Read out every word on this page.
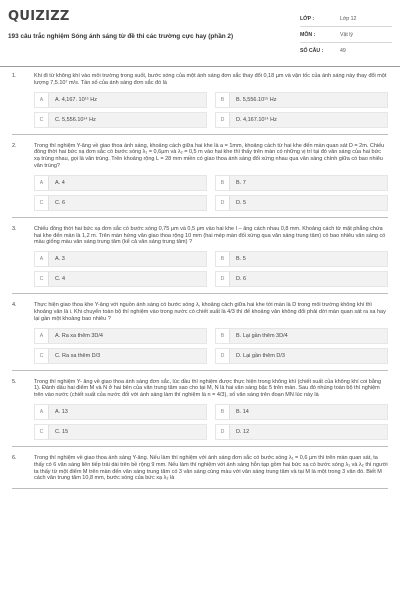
QUIZIZZ
193 câu trắc nghiệm Sóng ánh sáng từ đề thi các trường cực hay (phần 2)
LỚP :	Lớp 12
MÔN :	Vật lý
SỐ CÂU :	49
1.	Khi đi từ không khí vào môi trường trong suốt, bước sóng của một ánh sáng đơn sắc thay đổi 0,18 μm và vận tốc của ánh sáng này thay đổi một lượng 7,5.10⁷ m/s. Tần số của ánh sáng đơn sắc đó là
A	A. 4,167. 10¹⁵ Hz	B	B. 5,556.10¹⁵ Hz
C	C. 5,556.10¹⁴ Hz	D	D. 4,167.10¹⁴ Hz
2.	Trong thí nghiệm Y-âng về giao thoa ánh sáng, khoảng cách giữa hai khe là a = 1mm, khoảng cách từ hai khe đến màn quan sát D = 2m. Chiếu đồng thời hai bức xạ đơn sắc có bước sóng λ₁ = 0,6μm và λ₂ = 0,5 m vào hai khe thì thấy trên màn có những vị trí tại đó vân sáng của hai bức xạ trùng nhau, gọi là vân trùng. Trên khoảng rộng L = 28 mm miền có giao thoa ánh sáng đối xứng nhau qua vân sáng chính giữa có bao nhiêu vân trùng?
A	A. 4	B	B. 7
C	C. 6	D	D. 5
3.	Chiếu đồng thời hai bức xạ đơn sắc có bước sóng 0,75 μm và 0,5 μm vào hai khe I – âng cách nhau 0,8 mm. Khoảng cách từ mặt phẳng chứa hai khe đến màn là 1,2 m. Trên màn hứng vân giao thoa rộng 10 mm (hai mép màn đối xứng qua vân sáng trung tâm) có bao nhiêu vân sáng có màu giống màu vân sáng trung tâm (kể cả vân sáng trung tâm) ?
A	A. 3	B	B. 5
C	C. 4	D	D. 6
4.	Thực hiện giao thoa khe Y-âng với nguồn ánh sáng có bước sóng λ, khoảng cách giữa hai khe tới màn là D trong môi trường không khí thì khoảng vân là i. Khi chuyển toàn bộ thí nghiệm vào trong nước có chiết suất là 4/3 thì để khoảng vân không đổi phải dời màn quan sát ra xa hay lại gần một khoảng bao nhiêu ?
A	A. Ra xa thêm 3D/4	B	B. Lại gần thêm 3D/4
C	C. Ra xa thêm D/3	D	D. Lại gần thêm D/3
5.	Trong thí nghiệm Y- âng về giao thoa ánh sáng đơn sắc, lúc đầu thí nghiệm được thực hiện trong không khí (chiết suất của không khí coi bằng 1). Đánh dấu hai điểm M và N ở hai bên của vân trung tâm sao cho tại M, N là hai vân sáng bậc 5 trên màn. Sau đó nhúng toàn bộ thí nghiệm trên vào nước (chiết suất của nước đối với ánh sáng làm thí nghiệm là n = 4/3), số vân sáng trên đoạn MN lúc này là
A	A. 13	B	B. 14
C	C. 15	D	D. 12
6.	Trong thí nghiệm về giao thoa ánh sáng Y-âng. Nếu làm thí nghiệm với ánh sáng đơn sắc có bước sóng λ₁ = 0,6 μm thì trên màn quan sát, ta thấy có 6 vân sáng liên tiếp trải dài trên bề rộng 9 mm. Nếu làm thí nghiệm với ánh sáng hỗn tạp gồm hai bức xạ có bước sóng λ₁ và λ₂ thì người ta thấy từ một điểm M trên màn đến vân sáng trung tâm có 3 vân sáng cùng màu với vân sáng trung tâm và tại M là một trong 3 vân đó. Biết M cách vân trung tâm 10,8 mm, bước sóng của bức xạ λ₂ là
